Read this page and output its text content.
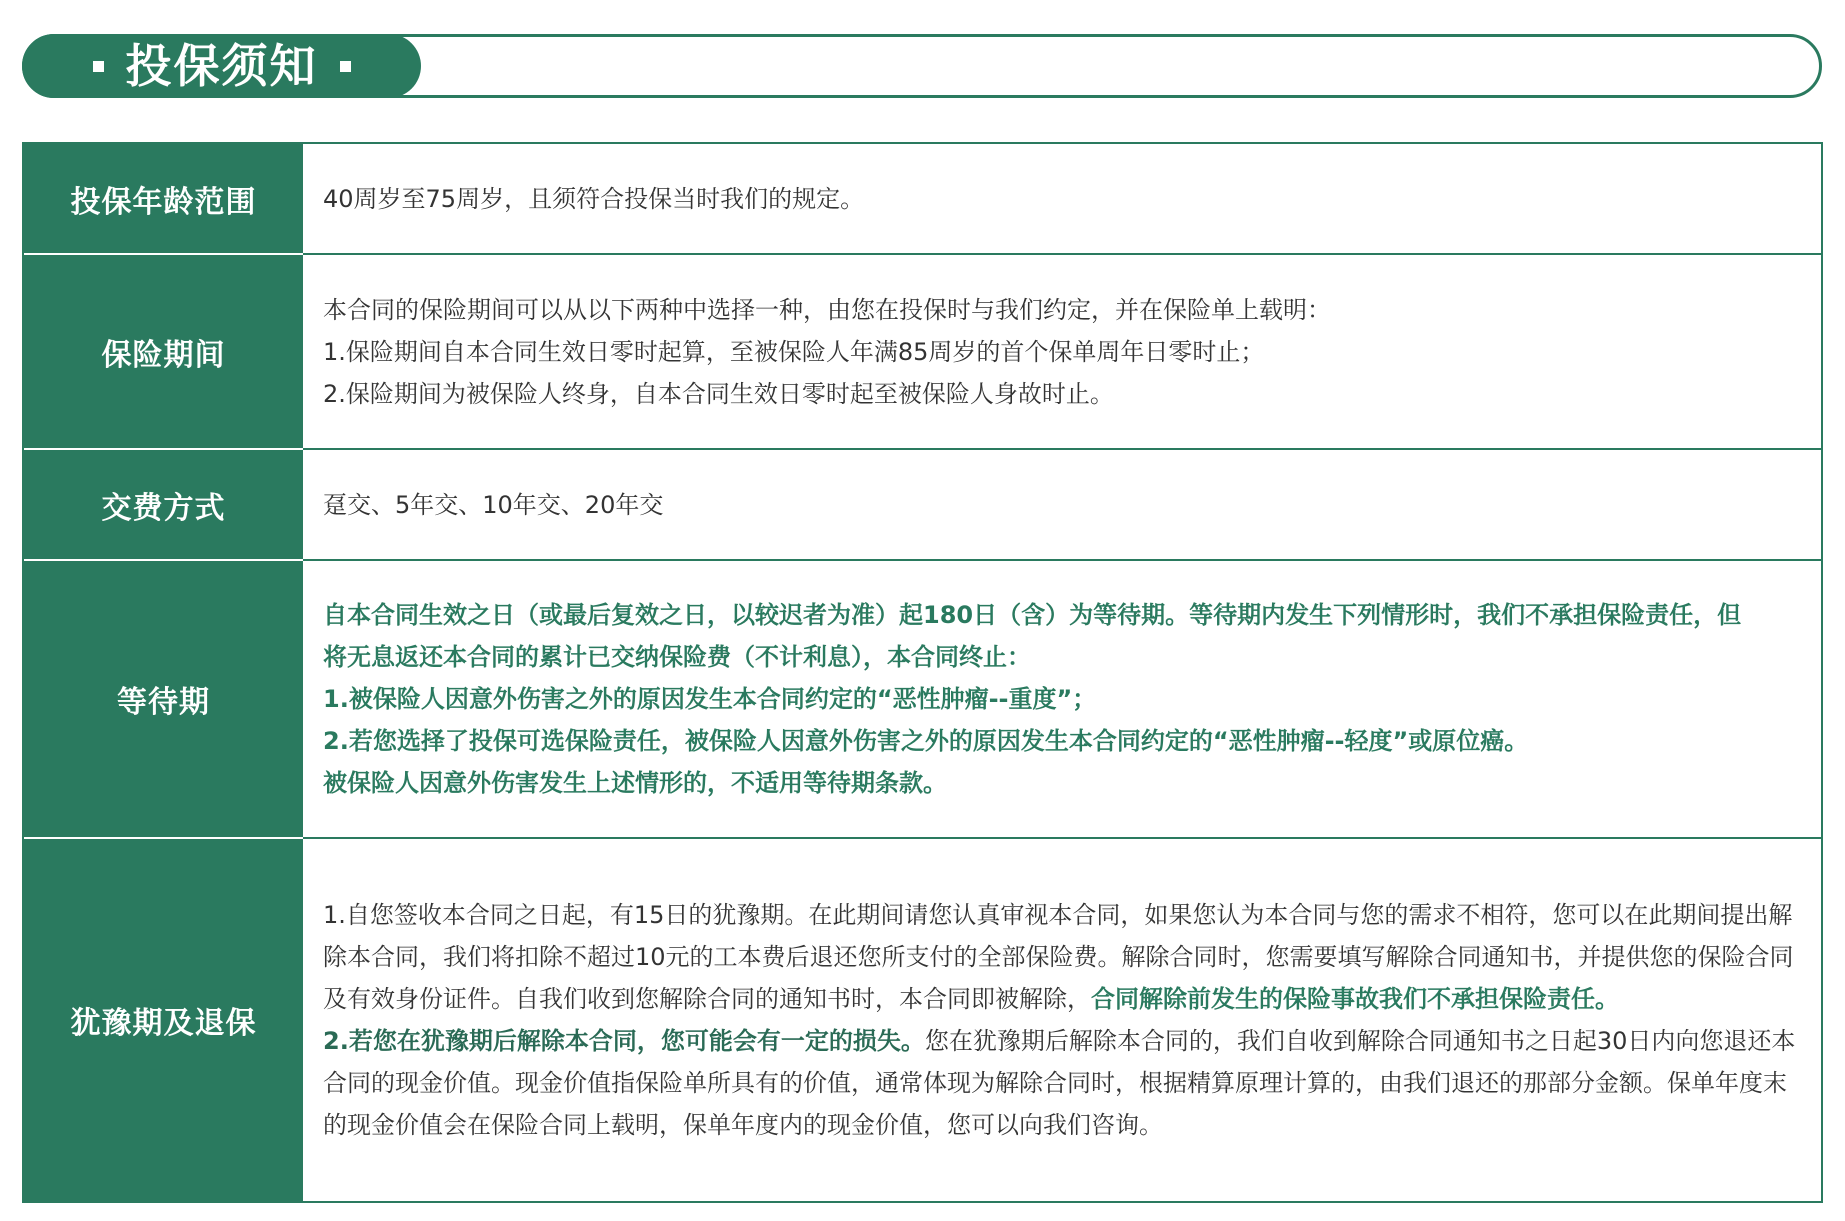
投保须知
投保年龄范围	40周岁至75周岁，且须符合投保当时我们的规定。

保险期间

本合同的保险期间可以从以下两种中选择一种，由您在投保时与我们约定，并在保险单上载明：

1.保险期间自本合同生效日零时起算，至被保险人年满85周岁的首个保单周年日零时止；

2.保险期间为被保险人终身，自本合同生效日零时起至被保险人身故时止。

交费方式	趸交、5年交、10年交、20年交

等待期

自本合同生效之日（或最后复效之日，以较迟者为准）起180日（含）为等待期。等待期内发生下列情形时，我们不承担保险责任，但

将无息返还本合同的累计已交纳保险费（不计利息），本合同终止：

1.被保险人因意外伤害之外的原因发生本合同约定的“恶性肿瘤--重度”；

2.若您选择了投保可选保险责任，被保险人因意外伤害之外的原因发生本合同约定的“恶性肿瘤--轻度”或原位癌。

被保险人因意外伤害发生上述情形的，不适用等待期条款。

犹豫期及退保

1.自您签收本合同之日起，有15日的犹豫期。在此期间请您认真审视本合同，如果您认为本合同与您的需求不相符，您可以在此期间提出解除本合同，我们将扣除不超过10元的工本费后退还您所支付的全部保险费。解除合同时，您需要填写解除合同通知书，并提供您的保险合同及有效身份证件。自我们收到您解除合同的通知书时，本合同即被解除，合同解除前发生的保险事故我们不承担保险责任。

2.若您在犹豫期后解除本合同，您可能会有一定的损失。您在犹豫期后解除本合同的，我们自收到解除合同通知书之日起30日内向您退还本合同的现金价值。现金价值指保险单所具有的价值，通常体现为解除合同时，根据精算原理计算的，由我们退还的那部分金额。保单年度末的现金价值会在保险合同上载明，保单年度内的现金价值，您可以向我们咨询。
